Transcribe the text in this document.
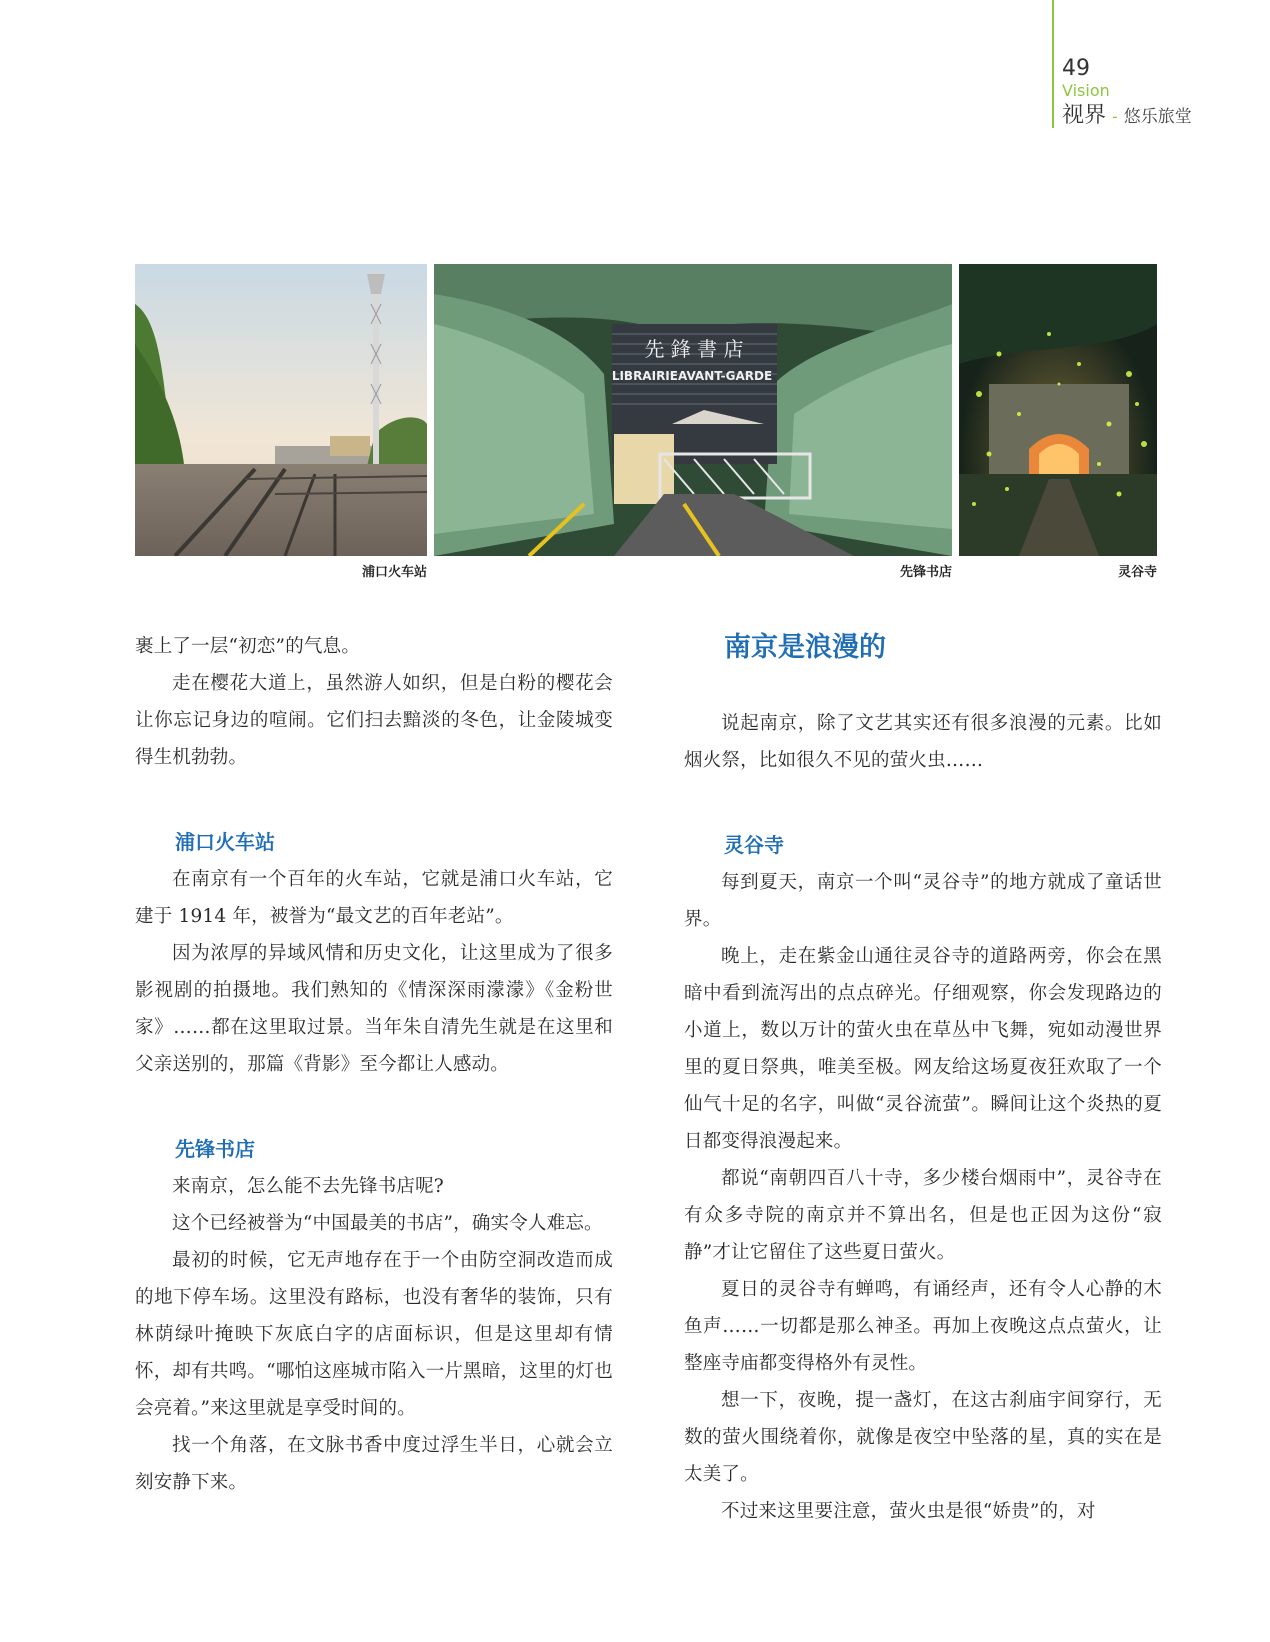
49
Vision
视界 - 悠乐旅堂
浦口火车站
先 鋒 書 店
LIBRAIRIEAVANT-GARDE
先锋书店	灵谷寺

裹上了一层“初恋”的气息。

走在樱花大道上，虽然游人如织，但是白粉的樱花会让你忘记身边的喧闹。它们扫去黯淡的冬色，让金陵城变得生机勃勃。

浦口火车站

在南京有一个百年的火车站，它就是浦口火车站，它建于 1914 年，被誉为“最文艺的百年老站”。

因为浓厚的异域风情和历史文化，让这里成为了很多影视剧的拍摄地。我们熟知的《情深深雨濛濛》《金粉世家》……都在这里取过景。当年朱自清先生就是在这里和父亲送别的，那篇《背影》至今都让人感动。

先锋书店

来南京，怎么能不去先锋书店呢?

这个已经被誉为“中国最美的书店”，确实令人难忘。

最初的时候，它无声地存在于一个由防空洞改造而成的地下停车场。这里没有路标，也没有奢华的装饰，只有林荫绿叶掩映下灰底白字的店面标识，但是这里却有情怀，却有共鸣。“哪怕这座城市陷入一片黑暗，这里的灯也会亮着。”来这里就是享受时间的。

找一个角落，在文脉书香中度过浮生半日，心就会立刻安静下来。

南京是浪漫的

说起南京，除了文艺其实还有很多浪漫的元素。比如烟火祭，比如很久不见的萤火虫……

灵谷寺

每到夏天，南京一个叫“灵谷寺”的地方就成了童话世界。

晚上，走在紫金山通往灵谷寺的道路两旁，你会在黑暗中看到流泻出的点点碎光。仔细观察，你会发现路边的小道上，数以万计的萤火虫在草丛中飞舞，宛如动漫世界里的夏日祭典，唯美至极。网友给这场夏夜狂欢取了一个仙气十足的名字，叫做“灵谷流萤”。瞬间让这个炎热的夏日都变得浪漫起来。

都说“南朝四百八十寺，多少楼台烟雨中”，灵谷寺在有众多寺院的南京并不算出名，但是也正因为这份“寂静”才让它留住了这些夏日萤火。

夏日的灵谷寺有蝉鸣，有诵经声，还有令人心静的木鱼声……一切都是那么神圣。再加上夜晚这点点萤火，让整座寺庙都变得格外有灵性。

想一下，夜晚，提一盏灯，在这古刹庙宇间穿行，无数的萤火围绕着你，就像是夜空中坠落的星，真的实在是太美了。

不过来这里要注意，萤火虫是很“娇贵”的，对
